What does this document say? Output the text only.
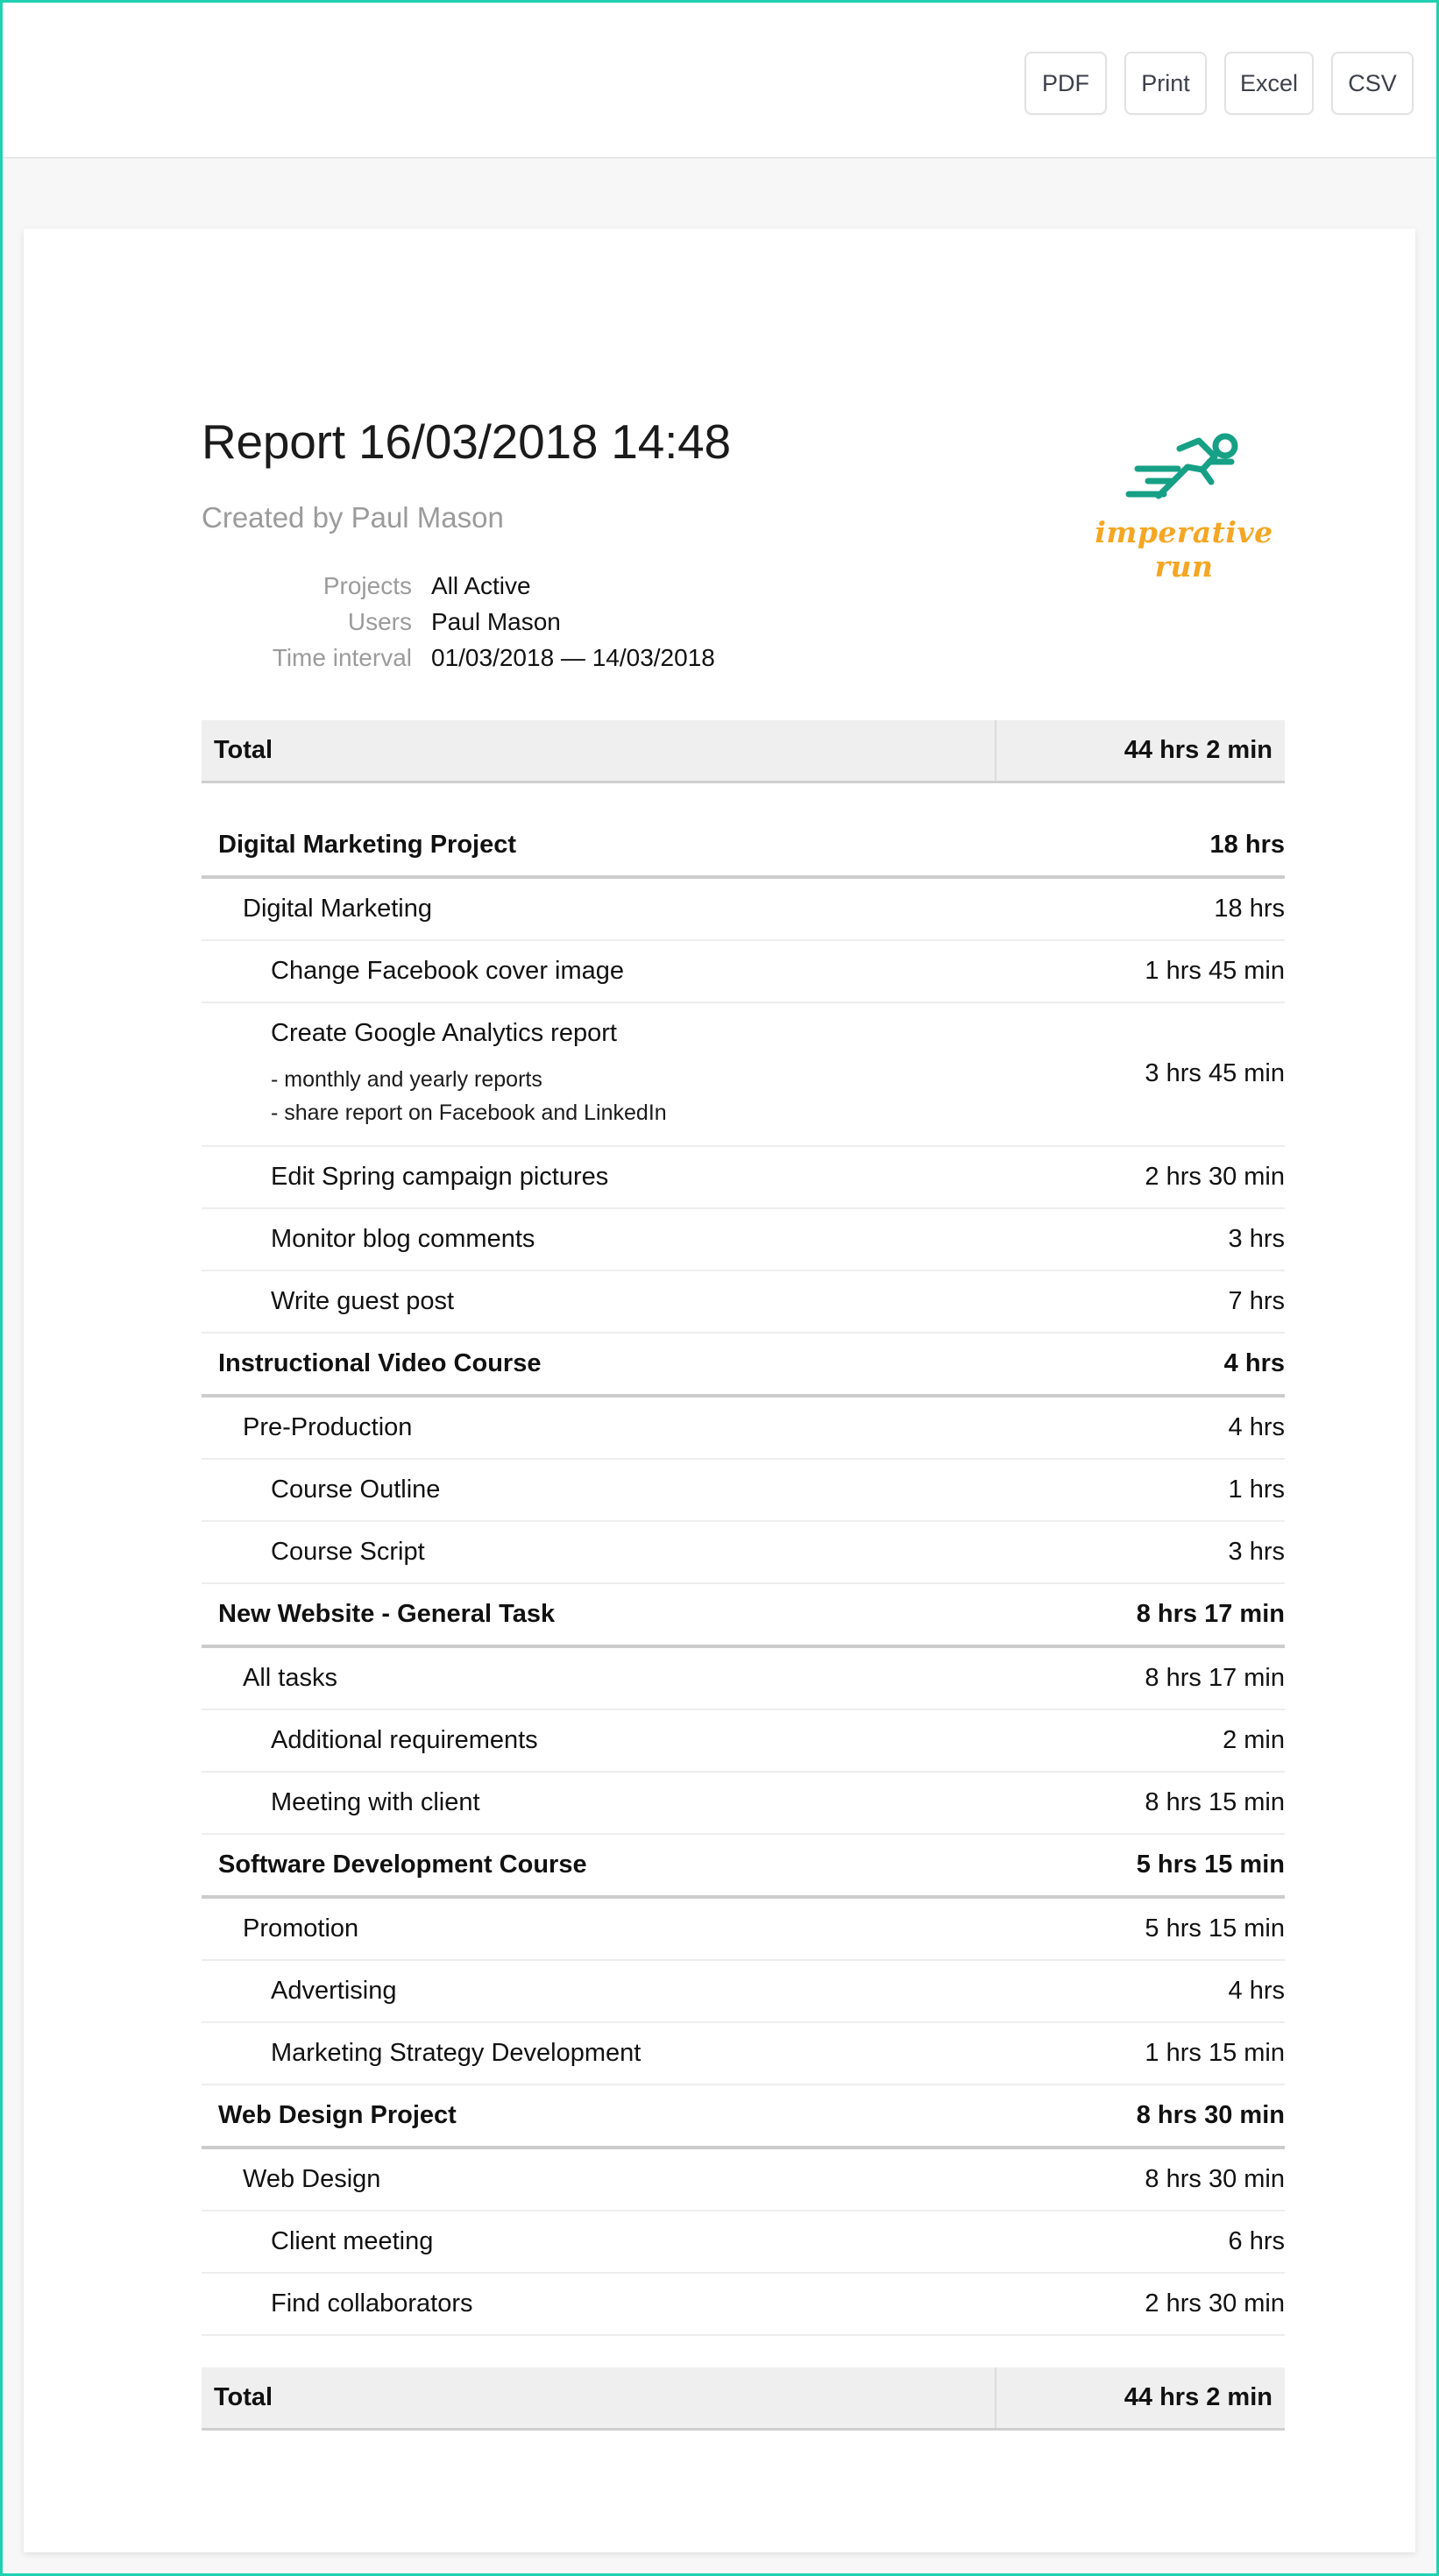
PDF	Print	Excel	CSV
Report 16/03/2018 14:48
Created by Paul Mason
Projects	All Active
Users	Paul Mason
Time interval	01/03/2018 — 14/03/2018
imperative run
Total	44 hrs 2 min

Digital Marketing Project	18 hrs
Digital Marketing	18 hrs
Change Facebook cover image	1 hrs 45 min
Create Google Analytics report
- monthly and yearly reports
- share report on Facebook and LinkedIn	3 hrs 45 min
Edit Spring campaign pictures	2 hrs 30 min
Monitor blog comments	3 hrs
Write guest post	7 hrs
Instructional Video Course	4 hrs
Pre-Production	4 hrs
Course Outline	1 hrs
Course Script	3 hrs
New Website - General Task	8 hrs 17 min
All tasks	8 hrs 17 min
Additional requirements	2 min
Meeting with client	8 hrs 15 min
Software Development Course	5 hrs 15 min
Promotion	5 hrs 15 min
Advertising	4 hrs
Marketing Strategy Development	1 hrs 15 min
Web Design Project	8 hrs 30 min
Web Design	8 hrs 30 min
Client meeting	6 hrs
Find collaborators	2 hrs 30 min

Total	44 hrs 2 min
